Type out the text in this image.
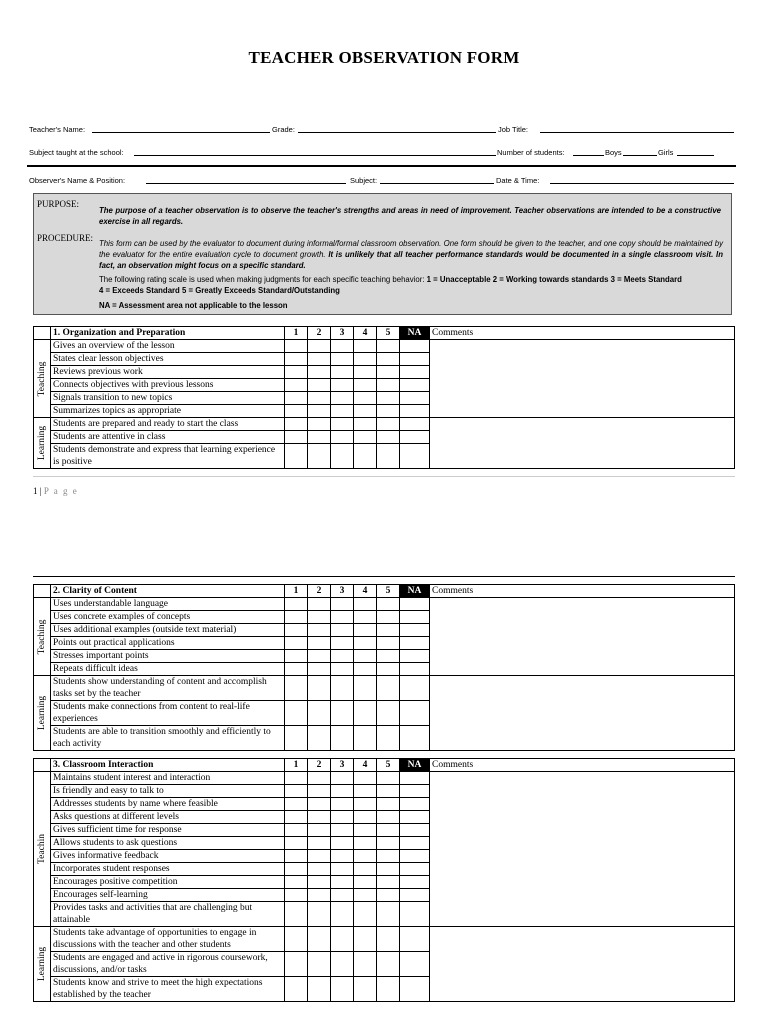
TEACHER OBSERVATION FORM
Teacher's Name:	Grade:	Job Title:
Subject taught at the school:	Number of students:	Boys	Girls
Observer's Name & Position:	Subject:	Date & Time:
PURPOSE:
The purpose of a teacher observation is to observe the teacher's strengths and areas in need of improvement. Teacher observations are intended to be a constructive exercise in all regards.
PROCEDURE:
This form can be used by the evaluator to document during informal/formal classroom observation. One form should be given to the teacher, and one copy should be maintained by the evaluator for the entire evaluation cycle to document growth. It is unlikely that all teacher performance standards would be documented in a single classroom visit. In fact, an observation might focus on a specific standard.
The following rating scale is used when making judgments for each specific teaching behavior: 1 = Unacceptable 2 = Working towards standards 3 = Meets Standard
4 = Exceeds Standard 5 = Greatly Exceeds Standard/Outstanding
NA = Assessment area not applicable to the lesson
	1. Organization and Preparation	1	2	3	4	5	NA	Comments

Teaching	Gives an overview of the lesson							
	States clear lesson objectives							
	Reviews previous work							
	Connects objectives with previous lessons							
	Signals transition to new topics							
	Summarizes topics as appropriate							

Learning	Students are prepared and ready to start the class							
	Students are attentive in class							
	Students demonstrate and express that learning experience is positive							
1 | P a g e
	2. Clarity of Content	1	2	3	4	5	NA	Comments

Teaching	Uses understandable language							
	Uses concrete examples of concepts							
	Uses additional examples (outside text material)							
	Points out practical applications							
	Stresses important points							
	Repeats difficult ideas							

Learning	Students show understanding of content and accomplish tasks set by the teacher							
	Students make connections from content to real-life experiences							
	Students are able to transition smoothly and efficiently to each activity							
	3. Classroom Interaction	1	2	3	4	5	NA	Comments

Teachin	Maintains student interest and interaction							
	Is friendly and easy to talk to							
	Addresses students by name where feasible							
	Asks questions at different levels							
	Gives sufficient time for response							
	Allows students to ask questions							
	Gives informative feedback							
	Incorporates student responses							
	Encourages positive competition							
	Encourages self-learning							
	Provides tasks and activities that are challenging but attainable							

Learning	Students take advantage of opportunities to engage in discussions with the teacher and other students							
	Students are engaged and active in rigorous coursework, discussions, and/or tasks							
	Students know and strive to meet the high expectations established by the teacher							
